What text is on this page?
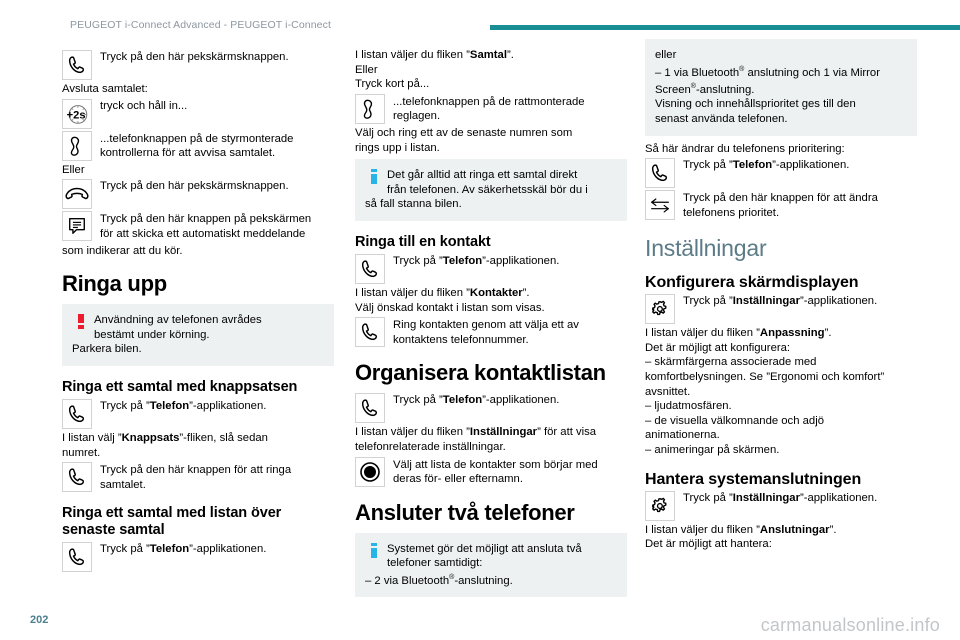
PEUGEOT i-Connect Advanced - PEUGEOT i-Connect
Tryck på den här pekskärmsknappen.

Avsluta samtalet:

+2s
tryck och håll in...
...telefonknappen på de styrmonterade
kontrollerna för att avvisa samtalet.

Eller

Tryck på den här pekskärmsknappen.
Tryck på den här knappen på pekskärmen
för att skicka ett automatiskt meddelande

som indikerar att du kör.

Ringa upp
Användning av telefonen avrådes
bestämt under körning.
Parkera bilen.
Ringa ett samtal med knappsatsen
Tryck på ”Telefon”-applikationen.

I listan välj ”Knappsats”-fliken, slå sedan

numret.

Tryck på den här knappen för att ringa
samtalet.
Ringa ett samtal med listan över
senaste samtal
Tryck på ”Telefon”-applikationen.

I listan väljer du fliken ”Samtal”.

Eller

Tryck kort på...

...telefonknappen på de rattmonterade
reglagen.

Välj och ring ett av de senaste numren som

rings upp i listan.

Det går alltid att ringa ett samtal direkt
från telefonen. Av säkerhetsskäl bör du i
så fall stanna bilen.
Ringa till en kontakt
Tryck på ”Telefon”-applikationen.

I listan väljer du fliken ”Kontakter”.

Välj önskad kontakt i listan som visas.

Ring kontakten genom att välja ett av
kontaktens telefonnummer.
Organisera kontaktlistan
Tryck på ”Telefon”-applikationen.

I listan väljer du fliken ”Inställningar” för att visa

telefonrelaterade inställningar.

Välj att lista de kontakter som börjar med
deras för- eller efternamn.
Ansluter två telefoner
Systemet gör det möjligt att ansluta två
telefoner samtidigt:
– 2 via Bluetooth®-anslutning.

eller

– 1 via Bluetooth® anslutning och 1 via Mirror

Screen®-anslutning.

Visning och innehållsprioritet ges till den

senast använda telefonen.

Så här ändrar du telefonens prioritering:

Tryck på ”Telefon”-applikationen.
Tryck på den här knappen för att ändra
telefonens prioritet.
Inställningar
Konfigurera skärmdisplayen
Tryck på ”Inställningar”-applikationen.

I listan väljer du fliken ”Anpassning”.

Det är möjligt att konfigurera:

– skärmfärgerna associerade med

komfortbelysningen. Se ”Ergonomi och komfort”

avsnittet.

– ljudatmosfären.

– de visuella välkomnande och adjö

animationerna.

– animeringar på skärmen.

Hantera systemanslutningen
Tryck på ”Inställningar”-applikationen.

I listan väljer du fliken ”Anslutningar”.

Det är möjligt att hantera:

202	carmanualsonline.info
